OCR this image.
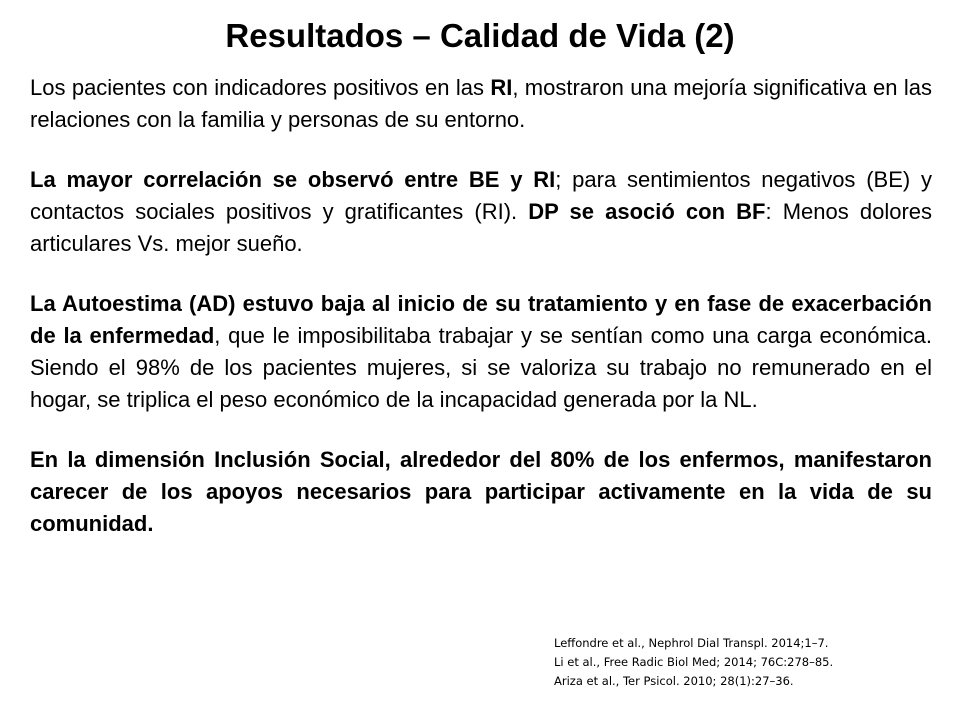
Resultados – Calidad de Vida (2)

Los pacientes con indicadores positivos en las RI, mostraron una mejoría significativa en las relaciones con la familia y personas de su entorno.

La mayor correlación se observó entre BE y RI; para sentimientos negativos (BE) y contactos sociales positivos y gratificantes (RI). DP se asoció con BF: Menos dolores articulares Vs. mejor sueño.

La Autoestima (AD) estuvo baja al inicio de su tratamiento y en fase de exacerbación de la enfermedad, que le imposibilitaba trabajar y se sentían como una carga económica. Siendo el 98% de los pacientes mujeres, si se valoriza su trabajo no remunerado en el hogar, se triplica el peso económico de la incapacidad generada por la NL.

En la dimensión Inclusión Social, alrededor del 80% de los enfermos, manifestaron carecer de los apoyos necesarios para participar activamente en la vida de su comunidad.

Leffondre et al., Nephrol Dial Transpl. 2014;1–7.
Li et al., Free Radic Biol Med; 2014; 76C:278–85.
Ariza et al., Ter Psicol. 2010; 28(1):27–36.
